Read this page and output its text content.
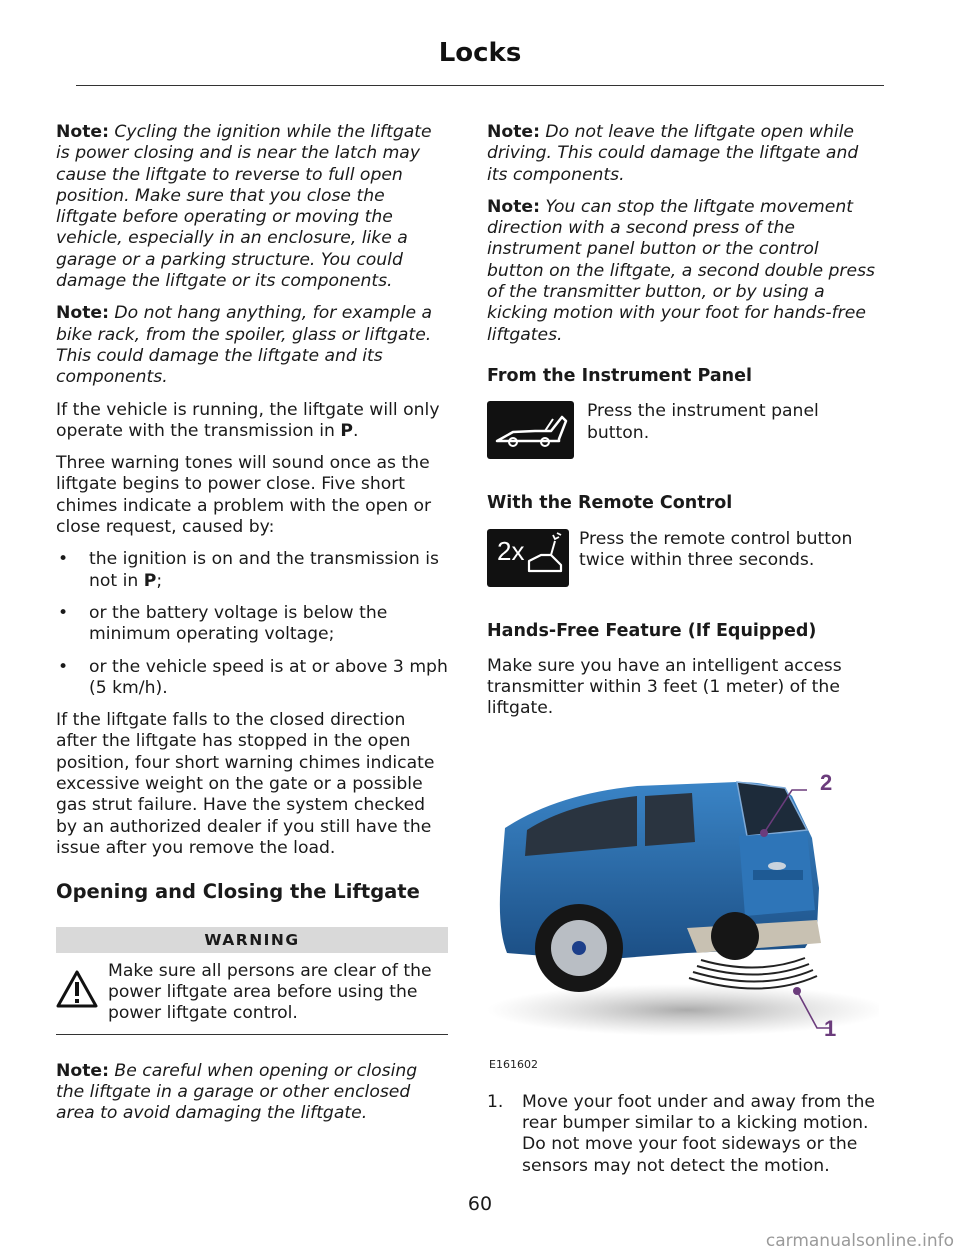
Locks

Note: Cycling the ignition while the liftgate is power closing and is near the latch may cause the liftgate to reverse to full open position. Make sure that you close the liftgate before operating or moving the vehicle, especially in an enclosure, like a garage or a parking structure. You could damage the liftgate or its components.

Note: Do not hang anything, for example a bike rack, from the spoiler, glass or liftgate. This could damage the liftgate and its components.

If the vehicle is running, the liftgate will only operate with the transmission in P.

Three warning tones will sound once as the liftgate begins to power close. Five short chimes indicate a problem with the open or close request, caused by:

• the ignition is on and the transmission is not in P;
• or the battery voltage is below the minimum operating voltage;
• or the vehicle speed is at or above 3 mph (5 km/h).

If the liftgate falls to the closed direction after the liftgate has stopped in the open position, four short warning chimes indicate excessive weight on the gate or a possible gas strut failure. Have the system checked by an authorized dealer if you still have the issue after you remove the load.

Opening and Closing the Liftgate
WARNING
Make sure all persons are clear of the power liftgate area before using the power liftgate control.

Note: Be careful when opening or closing the liftgate in a garage or other enclosed area to avoid damaging the liftgate.

Note: Do not leave the liftgate open while driving. This could damage the liftgate and its components.

Note: You can stop the liftgate movement direction with a second press of the instrument panel button or the control button on the liftgate, a second double press of the transmitter button, or by using a kicking motion with your foot for hands-free liftgates.

From the Instrument Panel
Press the instrument panel button.
With the Remote Control
2x	Press the remote control button twice within three seconds.
Hands-Free Feature (If Equipped)

Make sure you have an intelligent access transmitter within 3 feet (1 meter) of the liftgate.

2
1
E161602
1. Move your foot under and away from the rear bumper similar to a kicking motion. Do not move your foot sideways or the sensors may not detect the motion.
60
carmanualsonline.info
